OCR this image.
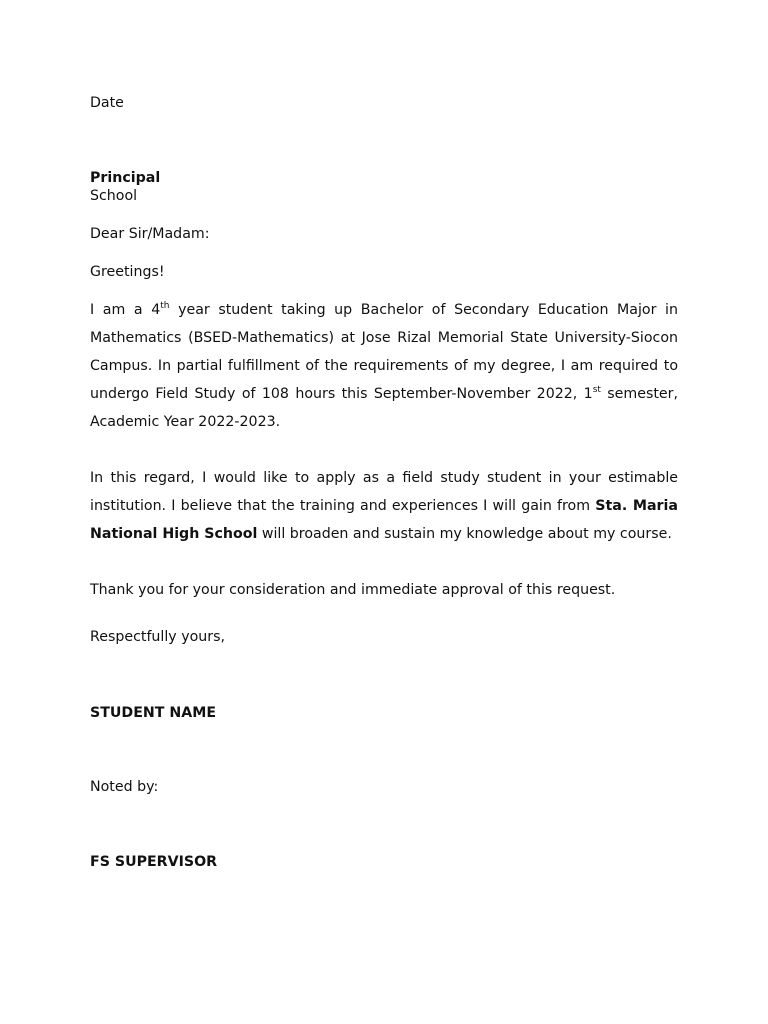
Date
Principal
School
Dear Sir/Madam:
Greetings!
I am a 4th year student taking up Bachelor of Secondary Education Major in Mathematics (BSED-Mathematics) at Jose Rizal Memorial State University-Siocon Campus. In partial fulfillment of the requirements of my degree, I am required to undergo Field Study of 108 hours this September-November 2022, 1st semester, Academic Year 2022-2023.
In this regard, I would like to apply as a field study student in your estimable institution. I believe that the training and experiences I will gain from Sta. Maria National High School will broaden and sustain my knowledge about my course.
Thank you for your consideration and immediate approval of this request.
Respectfully yours,
STUDENT NAME
Noted by:
FS SUPERVISOR
